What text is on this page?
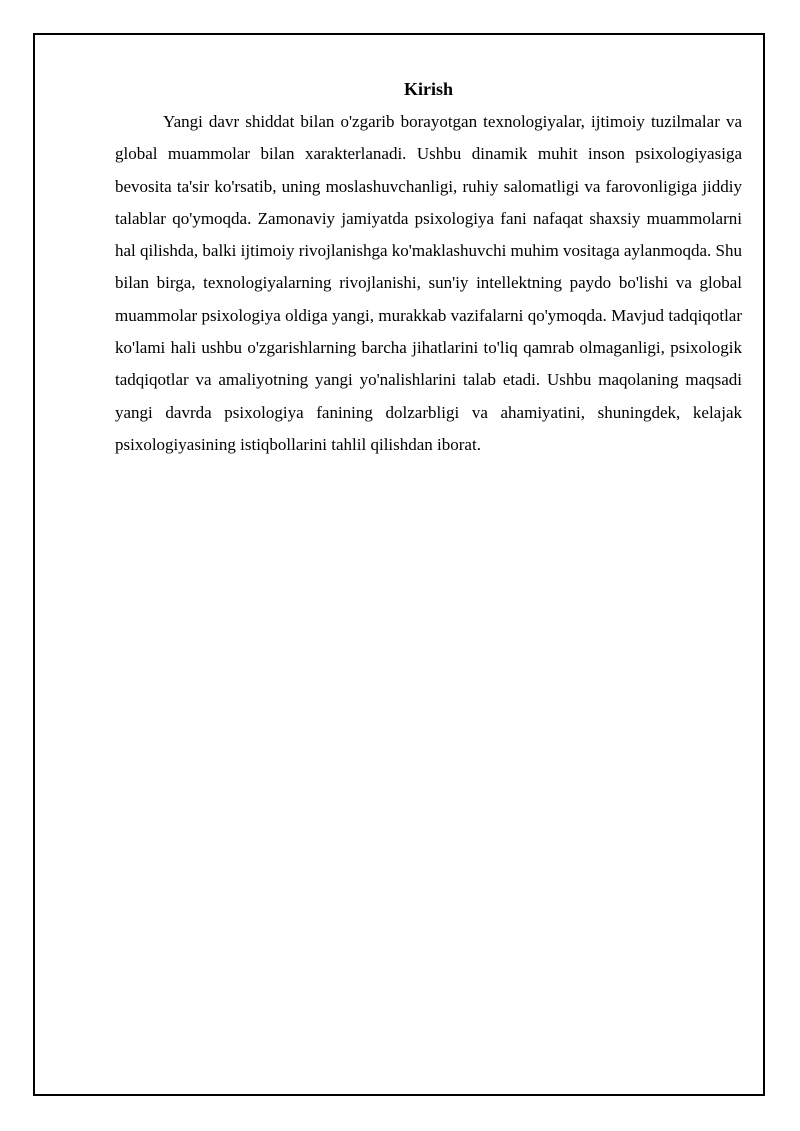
Kirish

Yangi davr shiddat bilan o'zgarib borayotgan texnologiyalar, ijtimoiy tuzilmalar va global muammolar bilan xarakterlanadi. Ushbu dinamik muhit inson psixologiyasiga bevosita ta'sir ko'rsatib, uning moslashuvchanligi, ruhiy salomatligi va farovonligiga jiddiy talablar qo'ymoqda. Zamonaviy jamiyatda psixologiya fani nafaqat shaxsiy muammolarni hal qilishda, balki ijtimoiy rivojlanishga ko'maklashuvchi muhim vositaga aylanmoqda. Shu bilan birga, texnologiyalarning rivojlanishi, sun'iy intellektning paydo bo'lishi va global muammolar psixologiya oldiga yangi, murakkab vazifalarni qo'ymoqda. Mavjud tadqiqotlar ko'lami hali ushbu o'zgarishlarning barcha jihatlarini to'liq qamrab olmaganligi, psixologik tadqiqotlar va amaliyotning yangi yo'nalishlarini talab etadi. Ushbu maqolaning maqsadi yangi davrda psixologiya fanining dolzarbligi va ahamiyatini, shuningdek, kelajak psixologiyasining istiqbollarini tahlil qilishdan iborat.
